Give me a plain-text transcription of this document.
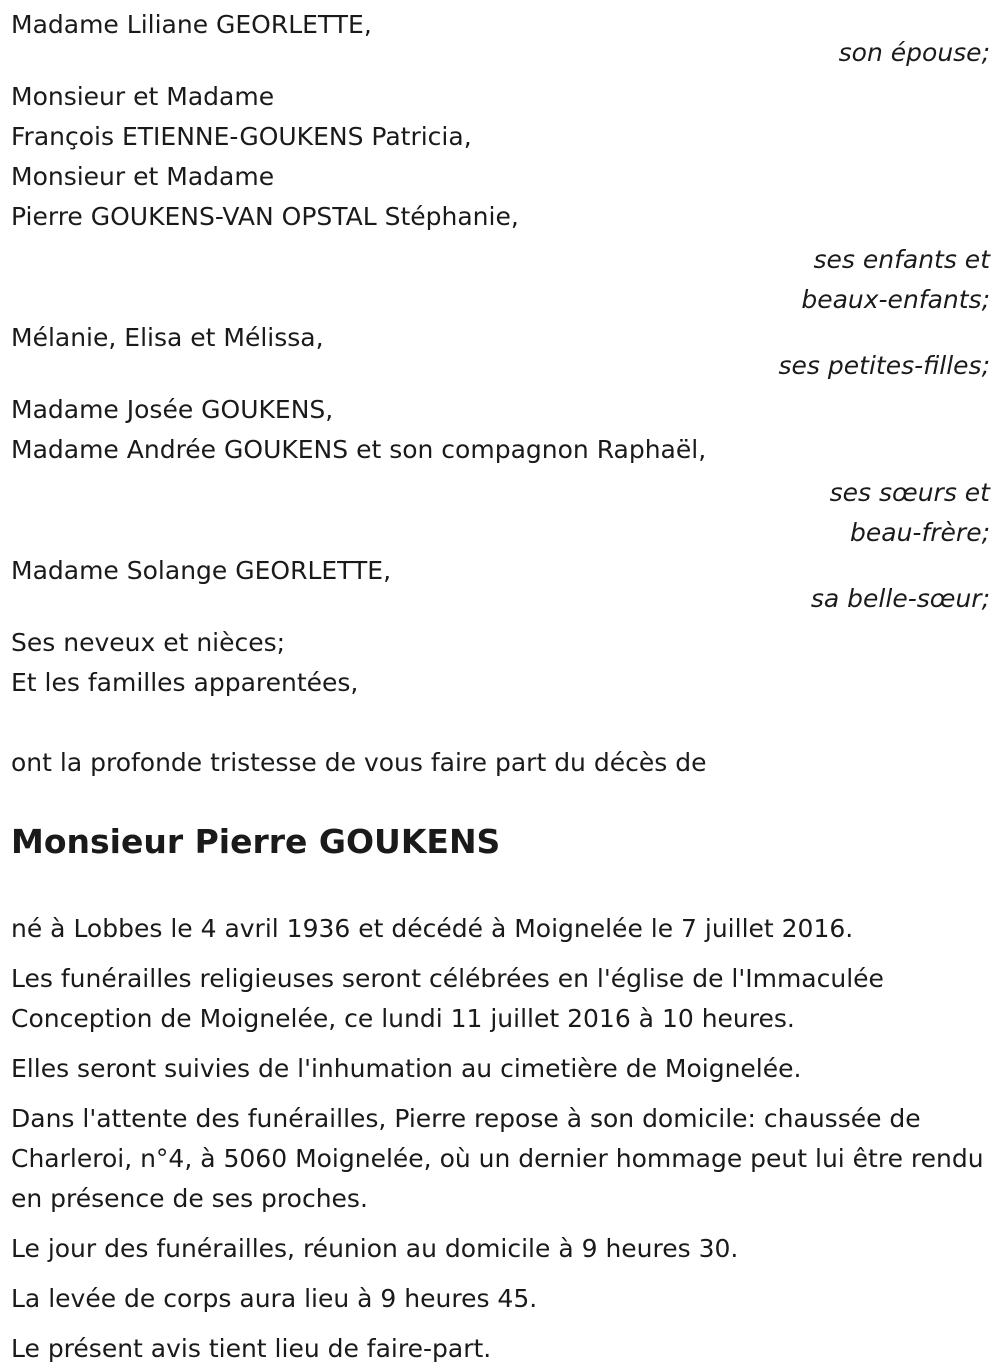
Madame Liliane GEORLETTE,
son épouse;
Monsieur et Madame
François ETIENNE-GOUKENS Patricia,
Monsieur et Madame
Pierre GOUKENS-VAN OPSTAL Stéphanie,
ses enfants et
beaux-enfants;
Mélanie, Elisa et Mélissa,
ses petites-filles;
Madame Josée GOUKENS,
Madame Andrée GOUKENS et son compagnon Raphaël,
ses sœurs et
beau-frère;
Madame Solange GEORLETTE,
sa belle-sœur;
Ses neveux et nièces;
Et les familles apparentées,
ont la profonde tristesse de vous faire part du décès de
Monsieur Pierre GOUKENS

né à Lobbes le 4 avril 1936 et décédé à Moignelée le 7 juillet 2016.

Les funérailles religieuses seront célébrées en l'église de l'Immaculée Conception de Moignelée, ce lundi 11 juillet 2016 à 10 heures.

Elles seront suivies de l'inhumation au cimetière de Moignelée.

Dans l'attente des funérailles, Pierre repose à son domicile: chaussée de Charleroi, n°4, à 5060 Moignelée, où un dernier hommage peut lui être rendu en présence de ses proches.

Le jour des funérailles, réunion au domicile à 9 heures 30.

La levée de corps aura lieu à 9 heures 45.

Le présent avis tient lieu de faire-part.
